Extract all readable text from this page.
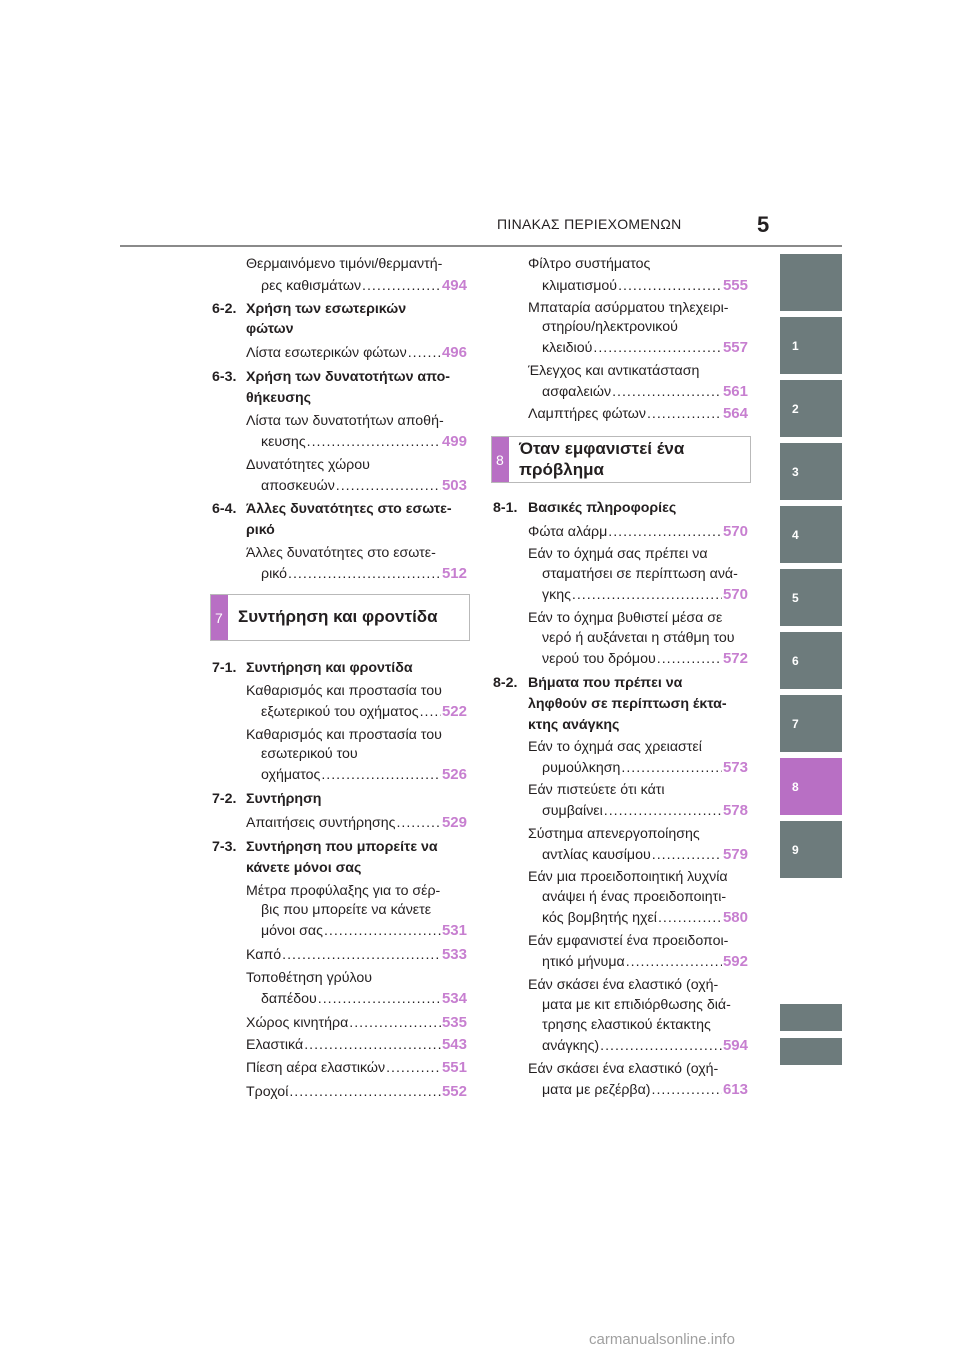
ΠΙΝΑΚΑΣ ΠΕΡΙΕΧΟΜΕΝΩΝ	5
1
2
3
4
5
6
7
8
9
Θερμαινόμενο τιμόνι/θερμαντή-
ρες καθισμάτων .....	494
6-2. Χρήση των εσωτερικών
φώτων
Λίστα εσωτερικών φώτων ..... 496
6-3. Χρήση των δυνατοτήτων απο-
θήκευσης
Λίστα των δυνατοτήτων αποθή-
κευσης .....	499
Δυνατότητες χώρου
αποσκευών .....	503
6-4. Άλλες δυνατότητες στο εσωτε-
ρικό
Άλλες δυνατότητες στο εσωτε-
ρικό .....	512
7 Συντήρηση και φροντίδα
7-1. Συντήρηση και φροντίδα
Καθαρισμός και προστασία του
εξωτερικού του οχήματος ..... 522
Καθαρισμός και προστασία του
εσωτερικού του
οχήματος .....	526
7-2. Συντήρηση
Απαιτήσεις συντήρησης .....	529
7-3. Συντήρηση που μπορείτε να
κάνετε μόνοι σας
Μέτρα προφύλαξης για το σέρ-
βις που μπορείτε να κάνετε
μόνοι σας .....	531
Καπό .....	533
Τοποθέτηση γρύλου
δαπέδου .....	534
Χώρος κινητήρα .....	535
Ελαστικά .....	543
Πίεση αέρα ελαστικών .....	551
Τροχοί .....	552
Φίλτρο συστήματος
κλιματισμού .....	555
Μπαταρία ασύρματου τηλεχειρι-
στηρίου/ηλεκτρονικού
κλειδιού .....	557
Έλεγχος και αντικατάσταση
ασφαλειών .....	561
Λαμπτήρες φώτων .....	564
8
Όταν εμφανιστεί ένα
πρόβλημα
8-1. Βασικές πληροφορίες
Φώτα αλάρμ .....	570
Εάν το όχημά σας πρέπει να
σταματήσει σε περίπτωση ανά-
γκης .....	570
Εάν το όχημα βυθιστεί μέσα σε
νερό ή αυξάνεται η στάθμη του
νερού του δρόμου .....	572
8-2. Βήματα που πρέπει να
ληφθούν σε περίπτωση έκτα-
κτης ανάγκης
Εάν το όχημά σας χρειαστεί
ρυμούλκηση .....	573
Εάν πιστεύετε ότι κάτι
συμβαίνει .....	578
Σύστημα απενεργοποίησης
αντλίας καυσίμου .....	579
Εάν μια προειδοποιητική λυχνία
ανάψει ή ένας προειδοποιητι-
κός βομβητής ηχεί .....	580
Εάν εμφανιστεί ένα προειδοποι-
ητικό μήνυμα .....	592
Εάν σκάσει ένα ελαστικό (οχή-
ματα με κιτ επιδιόρθωσης διά-
τρησης ελαστικού έκτακτης
ανάγκης) .....	594
Εάν σκάσει ένα ελαστικό (οχή-
ματα με ρεζέρβα) .....	613
carmanualsonline.info
